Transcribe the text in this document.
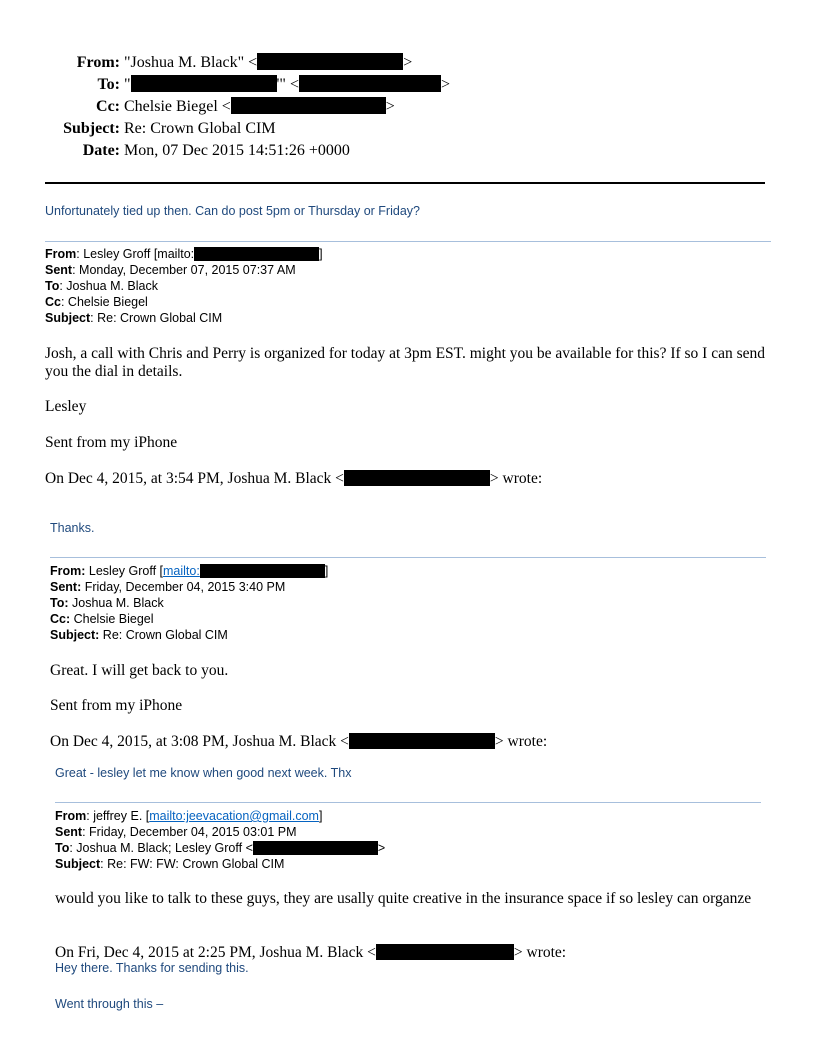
From: "Joshua M. Black" <	>
To: "	'" <	>
Cc: Chelsie Biegel <	>
Subject: Re: Crown Global CIM
Date: Mon, 07 Dec 2015 14:51:26 +0000
Unfortunately tied up then. Can do post 5pm or Thursday or Friday?
From: Lesley Groff [mailto:	]
Sent: Monday, December 07, 2015 07:37 AM
To: Joshua M. Black
Cc: Chelsie Biegel
Subject: Re: Crown Global CIM
Josh, a call with Chris and Perry is organized for today at 3pm EST. might you be available for this? If so I can send you the dial in details.
Lesley
Sent from my iPhone
On Dec 4, 2015, at 3:54 PM, Joshua M. Black <	> wrote:
Thanks.
From: Lesley Groff [mailto:	]
Sent: Friday, December 04, 2015 3:40 PM
To: Joshua M. Black
Cc: Chelsie Biegel
Subject: Re: Crown Global CIM
Great. I will get back to you.
Sent from my iPhone
On Dec 4, 2015, at 3:08 PM, Joshua M. Black <	> wrote:
Great - lesley let me know when good next week. Thx
From: jeffrey E. [mailto:jeevacation@gmail.com]
Sent: Friday, December 04, 2015 03:01 PM
To: Joshua M. Black; Lesley Groff <	>
Subject: Re: FW: FW: Crown Global CIM
would you like to talk to these guys, they are usally quite creative in the insurance space if so lesley can organze
On Fri, Dec 4, 2015 at 2:25 PM, Joshua M. Black <	> wrote:
Hey there. Thanks for sending this.
Went through this –
